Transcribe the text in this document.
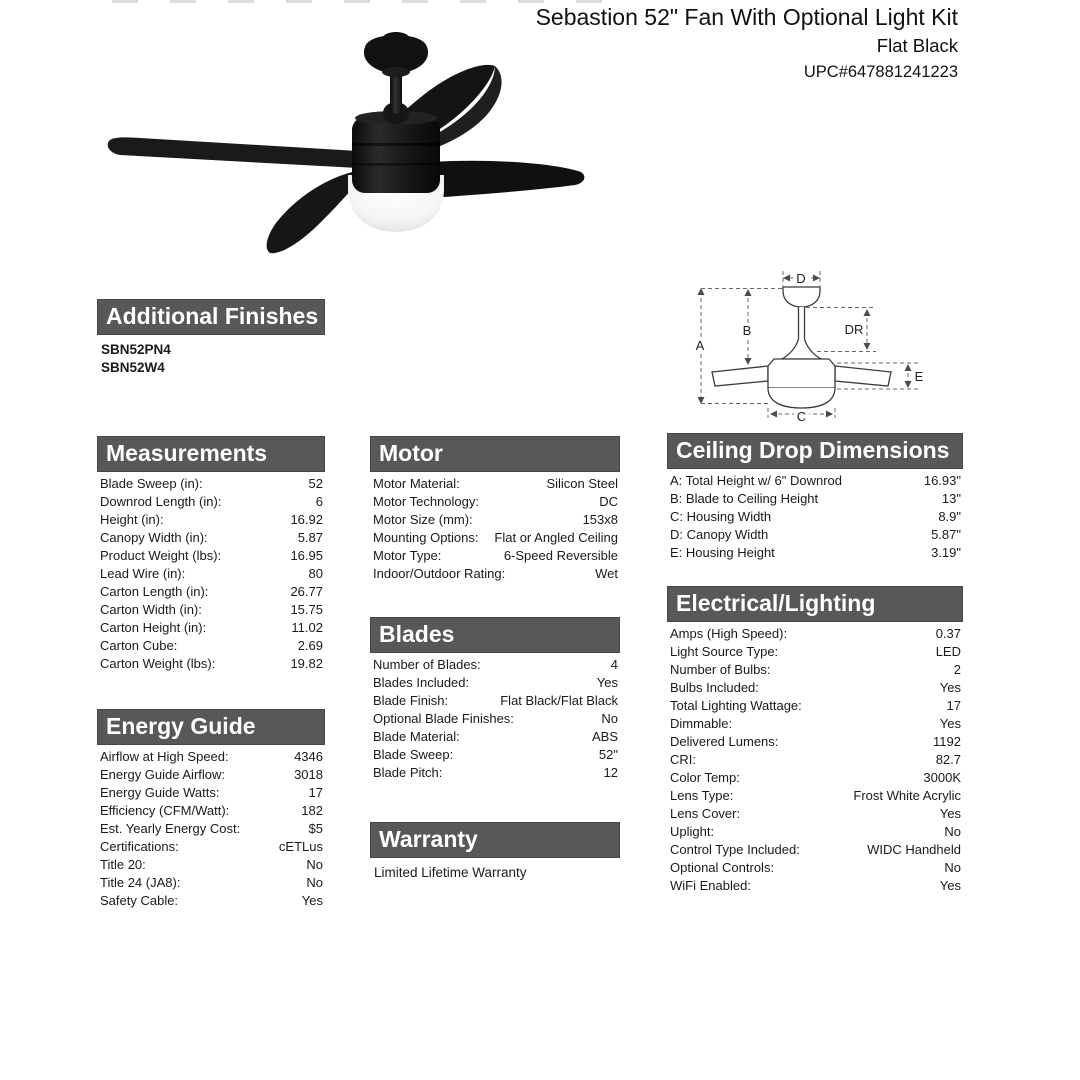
Sebastion 52" Fan With Optional Light Kit
Flat Black
UPC#647881241223
D
A
B	DR
E
C
Additional Finishes
SBN52PN4
SBN52W4
Measurements
Blade Sweep (in):	52
Downrod Length (in):	6
Height (in):	16.92
Canopy Width (in):	5.87
Product Weight (lbs):	16.95
Lead Wire (in):	80
Carton Length (in):	26.77
Carton Width (in):	15.75
Carton Height (in):	11.02
Carton Cube:	2.69
Carton Weight (lbs):	19.82
Energy Guide
Airflow at High Speed:	4346
Energy Guide Airflow:	3018
Energy Guide Watts:	17
Efficiency (CFM/Watt):	182
Est. Yearly Energy Cost:	$5
Certifications:	cETLus
Title 20:	No
Title 24 (JA8):	No
Safety Cable:	Yes
Motor
Motor Material:	Silicon Steel
Motor Technology:	DC
Motor Size (mm):	153x8
Mounting Options: Flat or Angled Ceiling
Motor Type:	6-Speed Reversible
Indoor/Outdoor Rating:	Wet
Blades
Number of Blades:	4
Blades Included:	Yes
Blade Finish:	Flat Black/Flat Black
Optional Blade Finishes:	No
Blade Material:	ABS
Blade Sweep:	52"
Blade Pitch:	12
Warranty
Limited Lifetime Warranty
Ceiling Drop Dimensions
A: Total Height w/ 6" Downrod	16.93"
B: Blade to Ceiling Height	13"
C: Housing Width	8.9"
D: Canopy Width	5.87"
E: Housing Height	3.19"
Electrical/Lighting
Amps (High Speed):	0.37
Light Source Type:	LED
Number of Bulbs:	2
Bulbs Included:	Yes
Total Lighting Wattage:	17
Dimmable:	Yes
Delivered Lumens:	1192
CRI:	82.7
Color Temp:	3000K
Lens Type:	Frost White Acrylic
Lens Cover:	Yes
Uplight:	No
Control Type Included:	WIDC Handheld
Optional Controls:	No
WiFi Enabled:	Yes
